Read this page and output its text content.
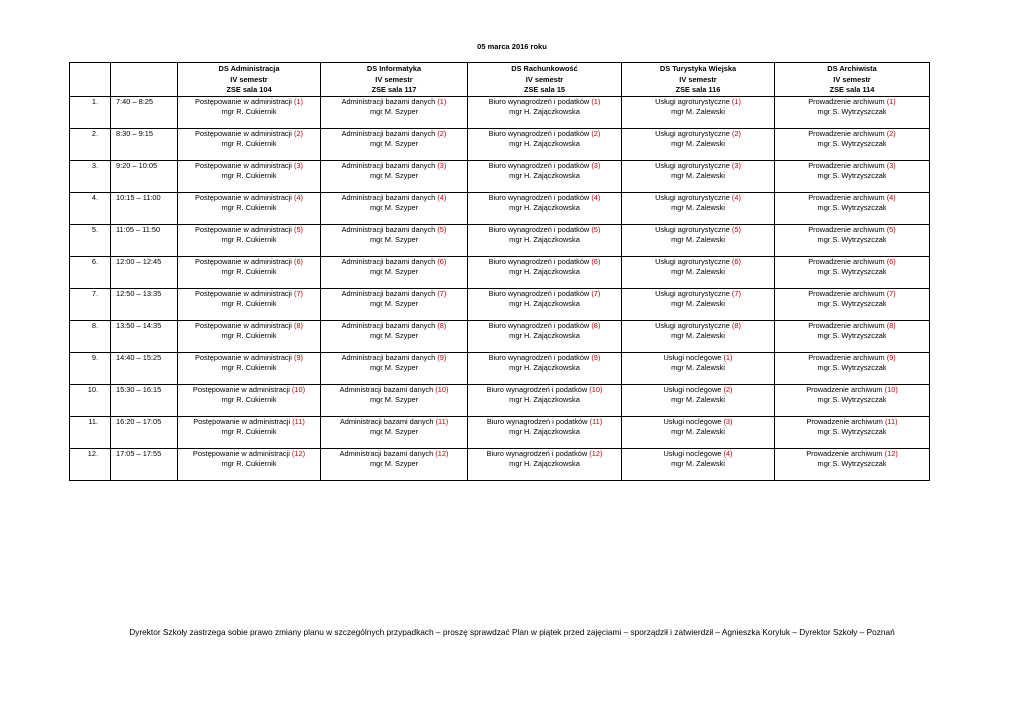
05 marca 2016 roku

		DS Administracja
IV semestr
ZSE sala 104	DS Informatyka
IV semestr
ZSE sala 117	DS Rachunkowość
IV semestr
ZSE sala 15	DS Turystyka Wiejska
IV semestr
ZSE sala 116	DS Archiwista
IV semestr
ZSE sala 114

1.	7:40 – 8:25	Postępowanie w administracji (1)
mgr R. Cukiernik	Administracji bazami danych (1)
mgr M. Szyper	Biuro wynagrodzeń i podatków (1)
mgr H. Zajączkowska	Usługi agroturystyczne (1)
mgr M. Zalewski	Prowadzenie archiwum (1)
mgr S. Wytrzyszczak

2.	8:30 – 9:15	Postępowanie w administracji (2)
mgr R. Cukiernik	Administracji bazami danych (2)
mgr M. Szyper	Biuro wynagrodzeń i podatków (2)
mgr H. Zajączkowska	Usługi agroturystyczne (2)
mgr M. Zalewski	Prowadzenie archiwum (2)
mgr S. Wytrzyszczak

3.	9:20 – 10:05	Postępowanie w administracji (3)
mgr R. Cukiernik	Administracji bazami danych (3)
mgr M. Szyper	Biuro wynagrodzeń i podatków (3)
mgr H. Zajączkowska	Usługi agroturystyczne (3)
mgr M. Zalewski	Prowadzenie archiwum (3)
mgr S. Wytrzyszczak

4.	10:15 – 11:00	Postępowanie w administracji (4)
mgr R. Cukiernik	Administracji bazami danych (4)
mgr M. Szyper	Biuro wynagrodzeń i podatków (4)
mgr H. Zajączkowska	Usługi agroturystyczne (4)
mgr M. Zalewski	Prowadzenie archiwum (4)
mgr S. Wytrzyszczak

5.	11:05 – 11:50	Postępowanie w administracji (5)
mgr R. Cukiernik	Administracji bazami danych (5)
mgr M. Szyper	Biuro wynagrodzeń i podatków (5)
mgr H. Zajączkowska	Usługi agroturystyczne (5)
mgr M. Zalewski	Prowadzenie archiwum (5)
mgr S. Wytrzyszczak

6.	12:00 – 12:45	Postępowanie w administracji (6)
mgr R. Cukiernik	Administracji bazami danych (6)
mgr M. Szyper	Biuro wynagrodzeń i podatków (6)
mgr H. Zajączkowska	Usługi agroturystyczne (6)
mgr M. Zalewski	Prowadzenie archiwum (6)
mgr S. Wytrzyszczak

7.	12:50 – 13:35	Postępowanie w administracji (7)
mgr R. Cukiernik	Administracji bazami danych (7)
mgr M. Szyper	Biuro wynagrodzeń i podatków (7)
mgr H. Zajączkowska	Usługi agroturystyczne (7)
mgr M. Zalewski	Prowadzenie archiwum (7)
mgr S. Wytrzyszczak

8.	13:50 – 14:35	Postępowanie w administracji (8)
mgr R. Cukiernik	Administracji bazami danych (8)
mgr M. Szyper	Biuro wynagrodzeń i podatków (8)
mgr H. Zajączkowska	Usługi agroturystyczne (8)
mgr M. Zalewski	Prowadzenie archiwum (8)
mgr S. Wytrzyszczak

9.	14:40 – 15:25	Postępowanie w administracji (9)
mgr R. Cukiernik	Administracji bazami danych (9)
mgr M. Szyper	Biuro wynagrodzeń i podatków (9)
mgr H. Zajączkowska	Usługi noclegowe (1)
mgr M. Zalewski	Prowadzenie archiwum (9)
mgr S. Wytrzyszczak

10.	15:30 – 16:15	Postępowanie w administracji (10)
mgr R. Cukiernik	Administracji bazami danych (10)
mgr M. Szyper	Biuro wynagrodzeń i podatków (10)
mgr H. Zajączkowska	Usługi noclegowe (2)
mgr M. Zalewski	Prowadzenie archiwum (10)
mgr S. Wytrzyszczak

11.	16:20 – 17:05	Postępowanie w administracji (11)
mgr R. Cukiernik	Administracji bazami danych (11)
mgr M. Szyper	Biuro wynagrodzeń i podatków (11)
mgr H. Zajączkowska	Usługi noclegowe (3)
mgr M. Zalewski	Prowadzenie archiwum (11)
mgr S. Wytrzyszczak

12.	17:05 – 17:55	Postępowanie w administracji (12)
mgr R. Cukiernik	Administracji bazami danych (12)
mgr M. Szyper	Biuro wynagrodzeń i podatków (12)
mgr H. Zajączkowska	Usługi noclegowe (4)
mgr M. Zalewski	Prowadzenie archiwum (12)
mgr S. Wytrzyszczak
Dyrektor Szkoły zastrzega sobie prawo zmiany planu w szczególnych przypadkach – proszę sprawdzać Plan w piątek przed zajęciami – sporządził i zatwierdził – Agnieszka Koryluk – Dyrektor Szkoły – Poznań
